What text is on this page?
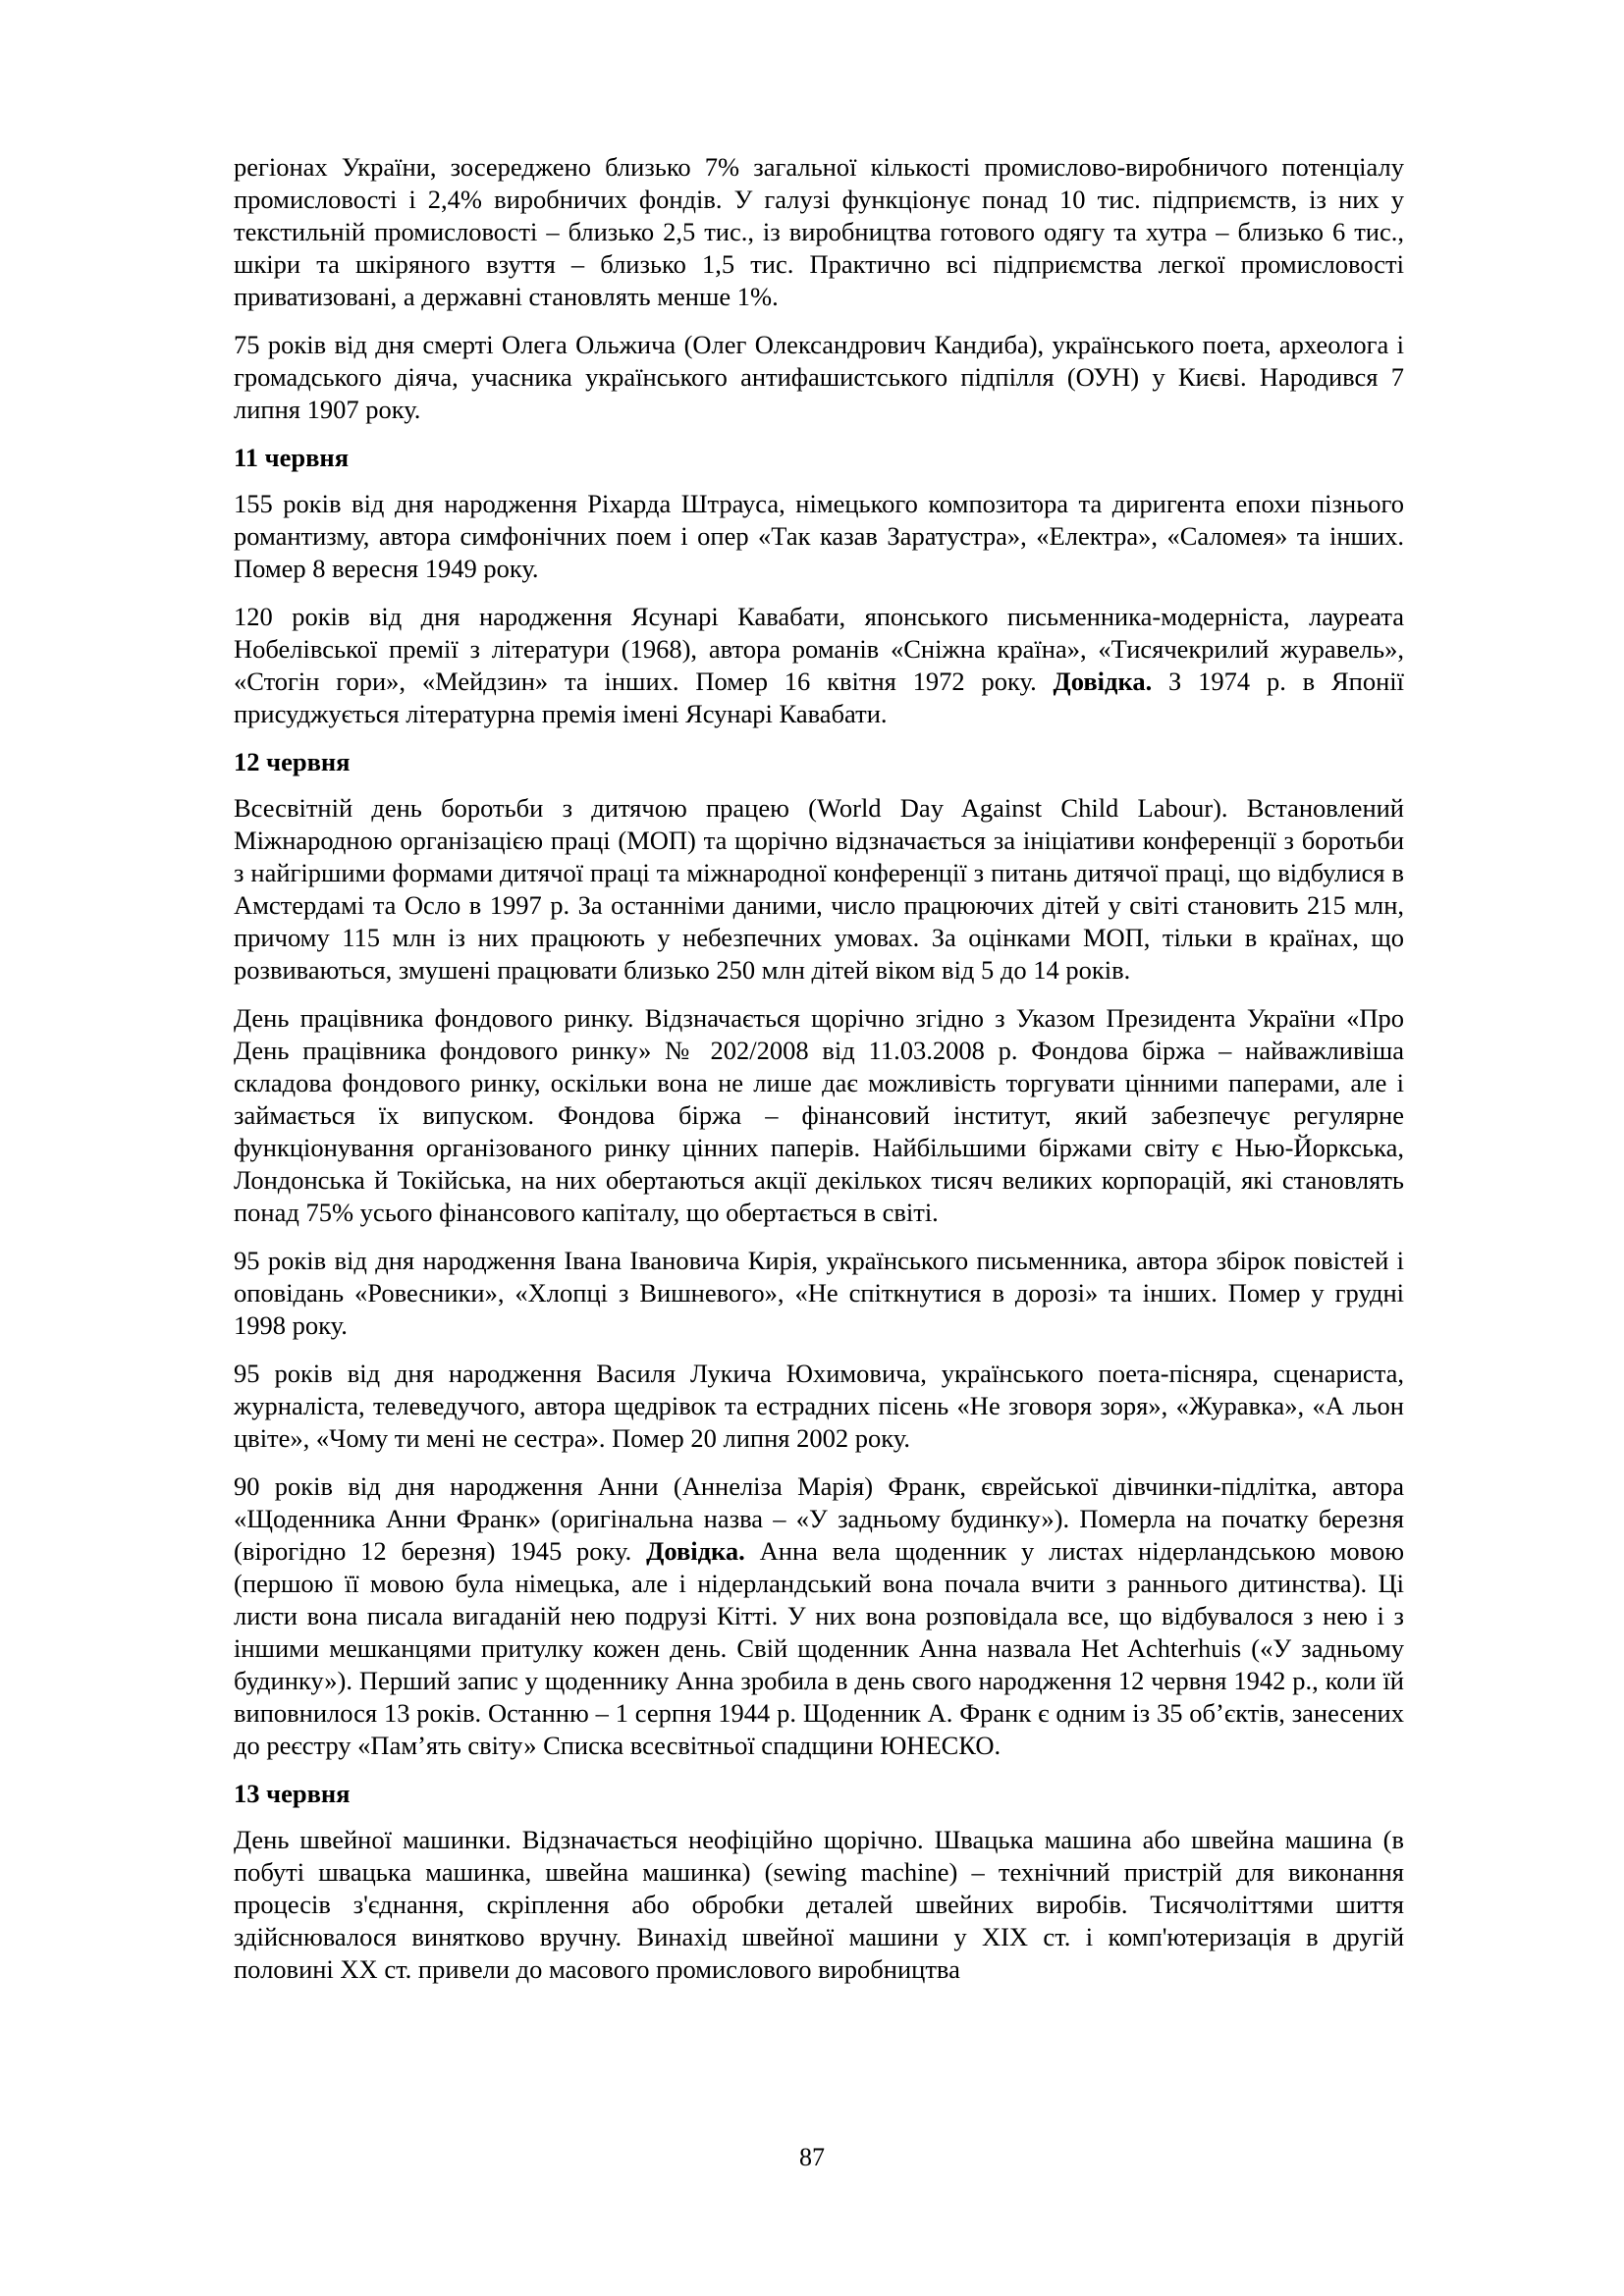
регіонах України, зосереджено близько 7% загальної кількості промислово-виробничого потенціалу промисловості і 2,4% виробничих фондів. У галузі функціонує понад 10 тис. підприємств, із них у текстильній промисловості – близько 2,5 тис., із виробництва готового одягу та хутра – близько 6 тис., шкіри та шкіряного взуття – близько 1,5 тис. Практично всі підприємства легкої промисловості приватизовані, а державні становлять менше 1%.

75 років від дня смерті Олега Ольжича (Олег Олександрович Кандиба), українського поета, археолога і громадського діяча, учасника українського антифашистського підпілля (ОУН) у Києві. Народився 7 липня 1907 року.

11 червня

155 років від дня народження Ріхарда Штрауса, німецького композитора та диригента епохи пізнього романтизму, автора симфонічних поем і опер «Так казав Заратустра», «Електра», «Саломея» та інших. Помер 8 вересня 1949 року.

120 років від дня народження Ясунарі Кавабати, японського письменника-модерніста, лауреата Нобелівської премії з літератури (1968), автора романів «Снiжна країна», «Тисячекрилий журавель», «Стогін гори», «Мейдзин» та інших. Помер 16 квітня 1972 року. Довідка. З 1974 р. в Японії присуджується літературна премія імені Ясунарі Кавабати.

12 червня

Всесвітній день боротьби з дитячою працею (World Day Against Child Labour). Встановлений Міжнародною організацією праці (МОП) та щорічно відзначається за ініціативи конференції з боротьби з найгіршими формами дитячої праці та міжнародної конференції з питань дитячої праці, що відбулися в Амстердамі та Осло в 1997 р. За останніми даними, число працюючих дітей у світі становить 215 млн, причому 115 млн із них працюють у небезпечних умовах. За оцінками МОП, тільки в країнах, що розвиваються, змушені працювати близько 250 млн дітей віком від 5 до 14 років.

День працівника фондового ринку. Відзначається щорічно згідно з Указом Президента України «Про День працівника фондового ринку» № 202/2008 від 11.03.2008 р. Фондова біржа – найважливіша складова фондового ринку, оскільки вона не лише дає можливість торгувати цінними паперами, але і займається їх випуском. Фондова біржа – фінансовий інститут, який забезпечує регулярне функціонування організованого ринку цінних паперів. Найбільшими біржами світу є Нью-Йоркська, Лондонська й Токійська, на них обертаються акції декількох тисяч великих корпорацій, які становлять понад 75% усього фінансового капіталу, що обертається в світі.

95 років від дня народження Івана Івановича Кирія, українського письменника, автора збірок повістей і оповідань «Ровесники», «Хлопці з Вишневого», «Не спіткнутися в дорозі» та інших. Помер у грудні 1998 року.

95 років від дня народження Василя Лукича Юхимовича, українського поета-пісняра, сценариста, журналіста, телеведучого, автора щедрівок та естрадних пісень «Не зговоря зоря», «Журавка», «А льон цвіте», «Чому ти мені не сестра». Помер 20 липня 2002 року.

90 років від дня народження Анни (Аннеліза Марія) Франк, єврейської дівчинки-підлітка, автора «Щоденника Анни Франк» (оригінальна назва – «У задньому будинку»). Померла на початку березня (вірогідно 12 березня) 1945 року. Довідка. Анна вела щоденник у листах нідерландською мовою (першою її мовою була німецька, але і нідерландський вона почала вчити з раннього дитинства). Ці листи вона писала вигаданій нею подрузі Кітті. У них вона розповідала все, що відбувалося з нею і з іншими мешканцями притулку кожен день. Свій щоденник Анна назвала Het Achterhuis («У задньому будинку»). Перший запис у щоденнику Анна зробила в день свого народження 12 червня 1942 р., коли їй виповнилося 13 років. Останню – 1 серпня 1944 р. Щоденник А. Франк є одним із 35 об’єктів, занесених до реєстру «Пам’ять світу» Списка всесвітньої спадщини ЮНЕСКО.

13 червня

День швейної машинки. Відзначається неофіційно щорічно. Швацька машина або швейна машина (в побуті швацька машинка, швейна машинка) (sewing machine) – технічний пристрій для виконання процесів з'єднання, скріплення або обробки деталей швейних виробів. Тисячоліттями шиття здійснювалося винятково вручну. Винахід швейної машини у XIX ст. і комп'ютеризація в другій половині XX ст. привели до масового промислового виробництва

87
